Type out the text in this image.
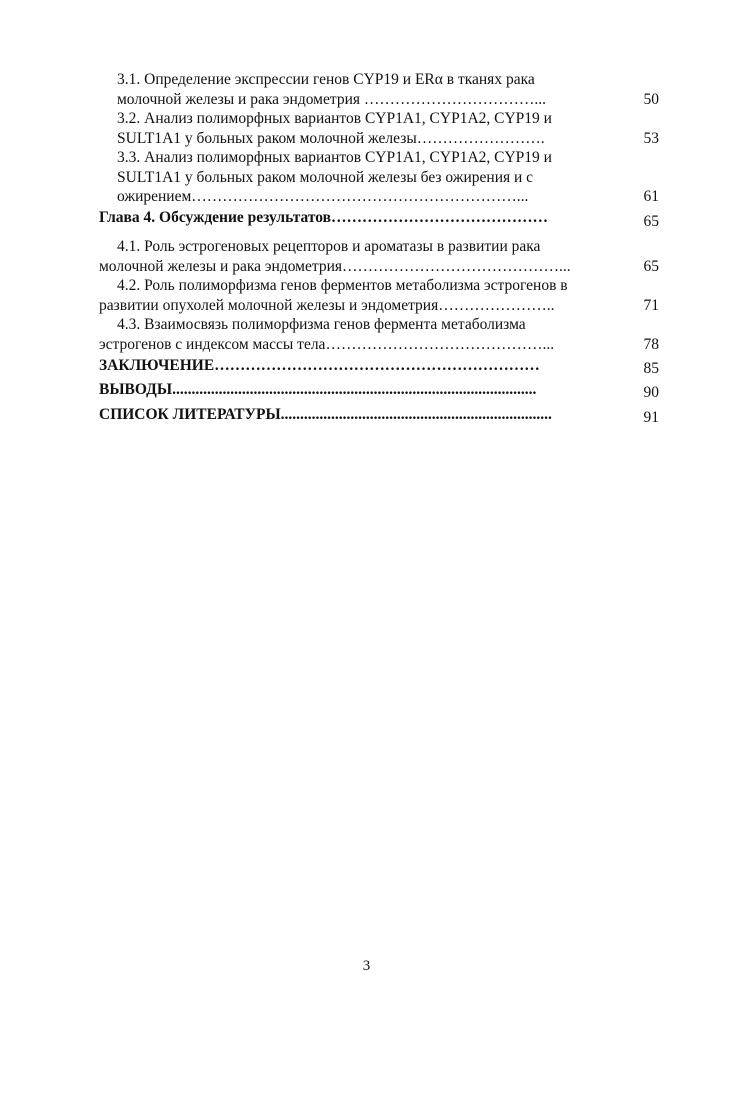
3.1. Определение экспрессии генов CYP19 и ERα в тканях рака
молочной железы и рака эндометрия ……………………………...	50
3.2. Анализ полиморфных вариантов CYP1A1, CYP1A2, CYP19 и
SULT1A1 у больных раком молочной железы…………………….	53
3.3. Анализ полиморфных вариантов CYP1A1, CYP1A2, CYP19 и
SULT1A1 у больных раком молочной железы без ожирения и с
ожирением………………………………………………………...	61
Глава 4. Обсуждение результатов……………………………………	65
4.1. Роль эстрогеновых рецепторов и ароматазы в развитии рака
молочной железы и рака эндометрия……………………………………...	65
4.2. Роль полиморфизма генов ферментов метаболизма эстрогенов в
развитии опухолей молочной железы и эндометрия…………………..	71
4.3. Взаимосвязь полиморфизма генов фермента метаболизма
эстрогенов с индексом массы тела……………………………………...	78
ЗАКЛЮЧЕНИЕ………………………………………………………	85
ВЫВОДЫ..............................................................................................	90
СПИСОК ЛИТЕРАТУРЫ......................................................................	91
3
